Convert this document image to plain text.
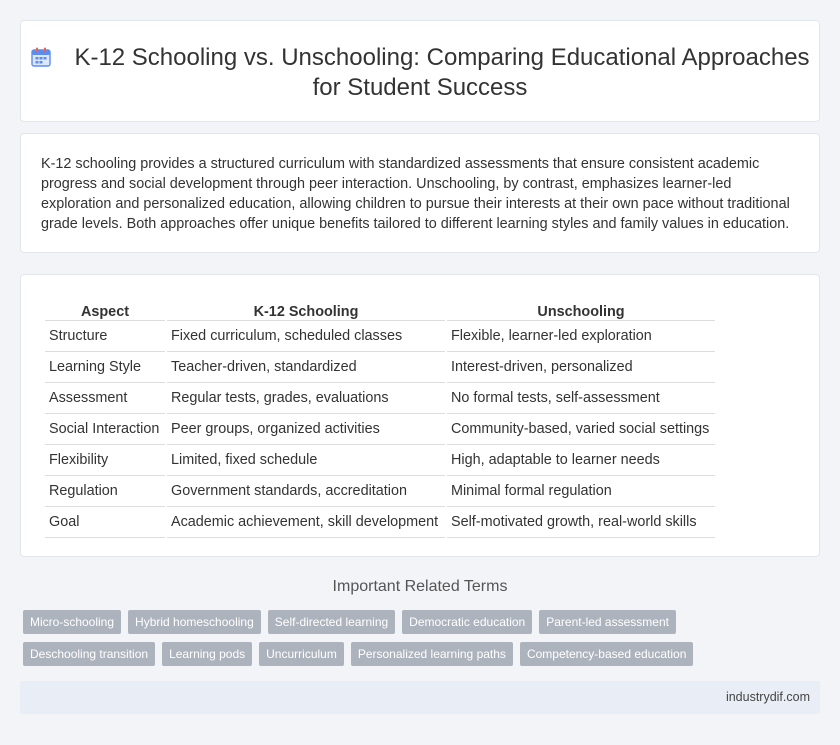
K-12 Schooling vs. Unschooling: Comparing Educational Approaches for Student Success

K-12 schooling provides a structured curriculum with standardized assessments that ensure consistent academic progress and social development through peer interaction. Unschooling, by contrast, emphasizes learner-led exploration and personalized education, allowing children to pursue their interests at their own pace without traditional grade levels. Both approaches offer unique benefits tailored to different learning styles and family values in education.

Aspect	K-12 Schooling	Unschooling
Structure	Fixed curriculum, scheduled classes	Flexible, learner-led exploration
Learning Style	Teacher-driven, standardized	Interest-driven, personalized
Assessment	Regular tests, grades, evaluations	No formal tests, self-assessment
Social Interaction	Peer groups, organized activities	Community-based, varied social settings
Flexibility	Limited, fixed schedule	High, adaptable to learner needs
Regulation	Government standards, accreditation	Minimal formal regulation
Goal	Academic achievement, skill development	Self-motivated growth, real-world skills
Important Related Terms
Micro-schooling	Hybrid homeschooling	Self-directed learning	Democratic education	Parent-led assessment
Deschooling transition	Learning pods	Uncurriculum	Personalized learning paths	Competency-based education
industrydif.com
